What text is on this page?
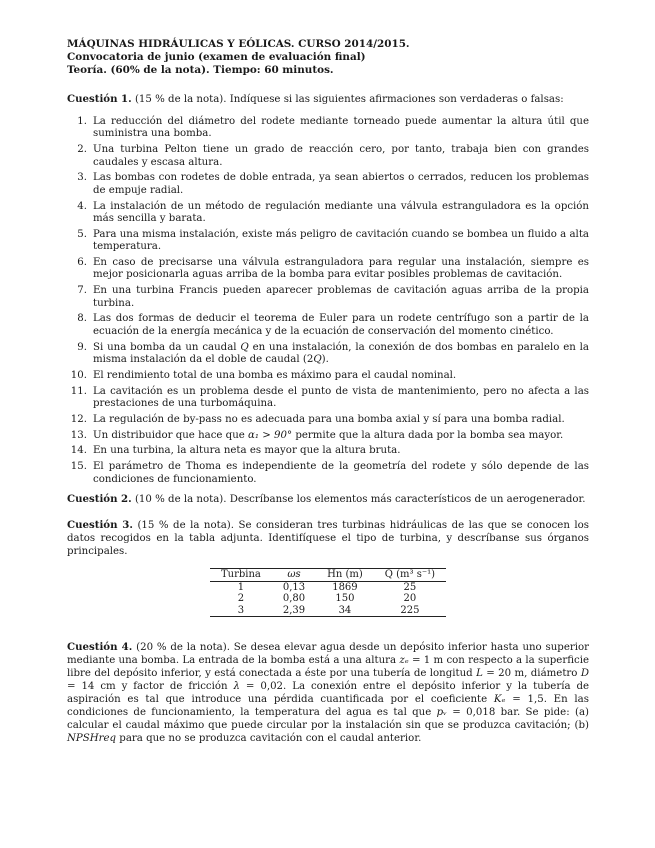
MÁQUINAS HIDRÁULICAS Y EÓLICAS. CURSO 2014/2015.
Convocatoria de junio (examen de evaluación final)
Teoría. (60% de la nota). Tiempo: 60 minutos.
Cuestión 1. (15 % de la nota). Indíquese si las siguientes afirmaciones son verdaderas o falsas:
1. La reducción del diámetro del rodete mediante torneado puede aumentar la altura útil que suministra una bomba.
2. Una turbina Pelton tiene un grado de reacción cero, por tanto, trabaja bien con grandes caudales y escasa altura.
3. Las bombas con rodetes de doble entrada, ya sean abiertos o cerrados, reducen los problemas de empuje radial.
4. La instalación de un método de regulación mediante una válvula estranguladora es la opción más sencilla y barata.
5. Para una misma instalación, existe más peligro de cavitación cuando se bombea un fluido a alta temperatura.
6. En caso de precisarse una válvula estranguladora para regular una instalación, siempre es mejor posicionarla aguas arriba de la bomba para evitar posibles problemas de cavitación.
7. En una turbina Francis pueden aparecer problemas de cavitación aguas arriba de la propia turbina.
8. Las dos formas de deducir el teorema de Euler para un rodete centrífugo son a partir de la ecuación de la energía mecánica y de la ecuación de conservación del momento cinético.
9. Si una bomba da un caudal Q en una instalación, la conexión de dos bombas en paralelo en la misma instalación da el doble de caudal (2Q).
10. El rendimiento total de una bomba es máximo para el caudal nominal.
11. La cavitación es un problema desde el punto de vista de mantenimiento, pero no afecta a las prestaciones de una turbomáquina.
12. La regulación de by-pass no es adecuada para una bomba axial y sí para una bomba radial.
13. Un distribuidor que hace que α₁ > 90° permite que la altura dada por la bomba sea mayor.
14. En una turbina, la altura neta es mayor que la altura bruta.
15. El parámetro de Thoma es independiente de la geometría del rodete y sólo depende de las condiciones de funcionamiento.
Cuestión 2. (10 % de la nota). Descríbanse los elementos más característicos de un aerogenerador.
Cuestión 3. (15 % de la nota). Se consideran tres turbinas hidráulicas de las que se conocen los datos recogidos en la tabla adjunta. Identifíquese el tipo de turbina, y descríbanse sus órganos principales.
Turbina	ωs	Hn (m)	Q (m³ s⁻¹)
1	0,13	1869	25
2	0,80	150	20
3	2,39	34	225
Cuestión 4. (20 % de la nota). Se desea elevar agua desde un depósito inferior hasta uno superior mediante una bomba. La entrada de la bomba está a una altura zₑ = 1 m con respecto a la superficie libre del depósito inferior, y está conectada a éste por una tubería de longitud L = 20 m, diámetro D = 14 cm y factor de fricción λ = 0,02. La conexión entre el depósito inferior y la tubería de aspiración es tal que introduce una pérdida cuantificada por el coeficiente Kₑ = 1,5. En las condiciones de funcionamiento, la temperatura del agua es tal que pᵥ = 0,018 bar. Se pide: (a) calcular el caudal máximo que puede circular por la instalación sin que se produzca cavitación; (b) NPSHreq para que no se produzca cavitación con el caudal anterior.
